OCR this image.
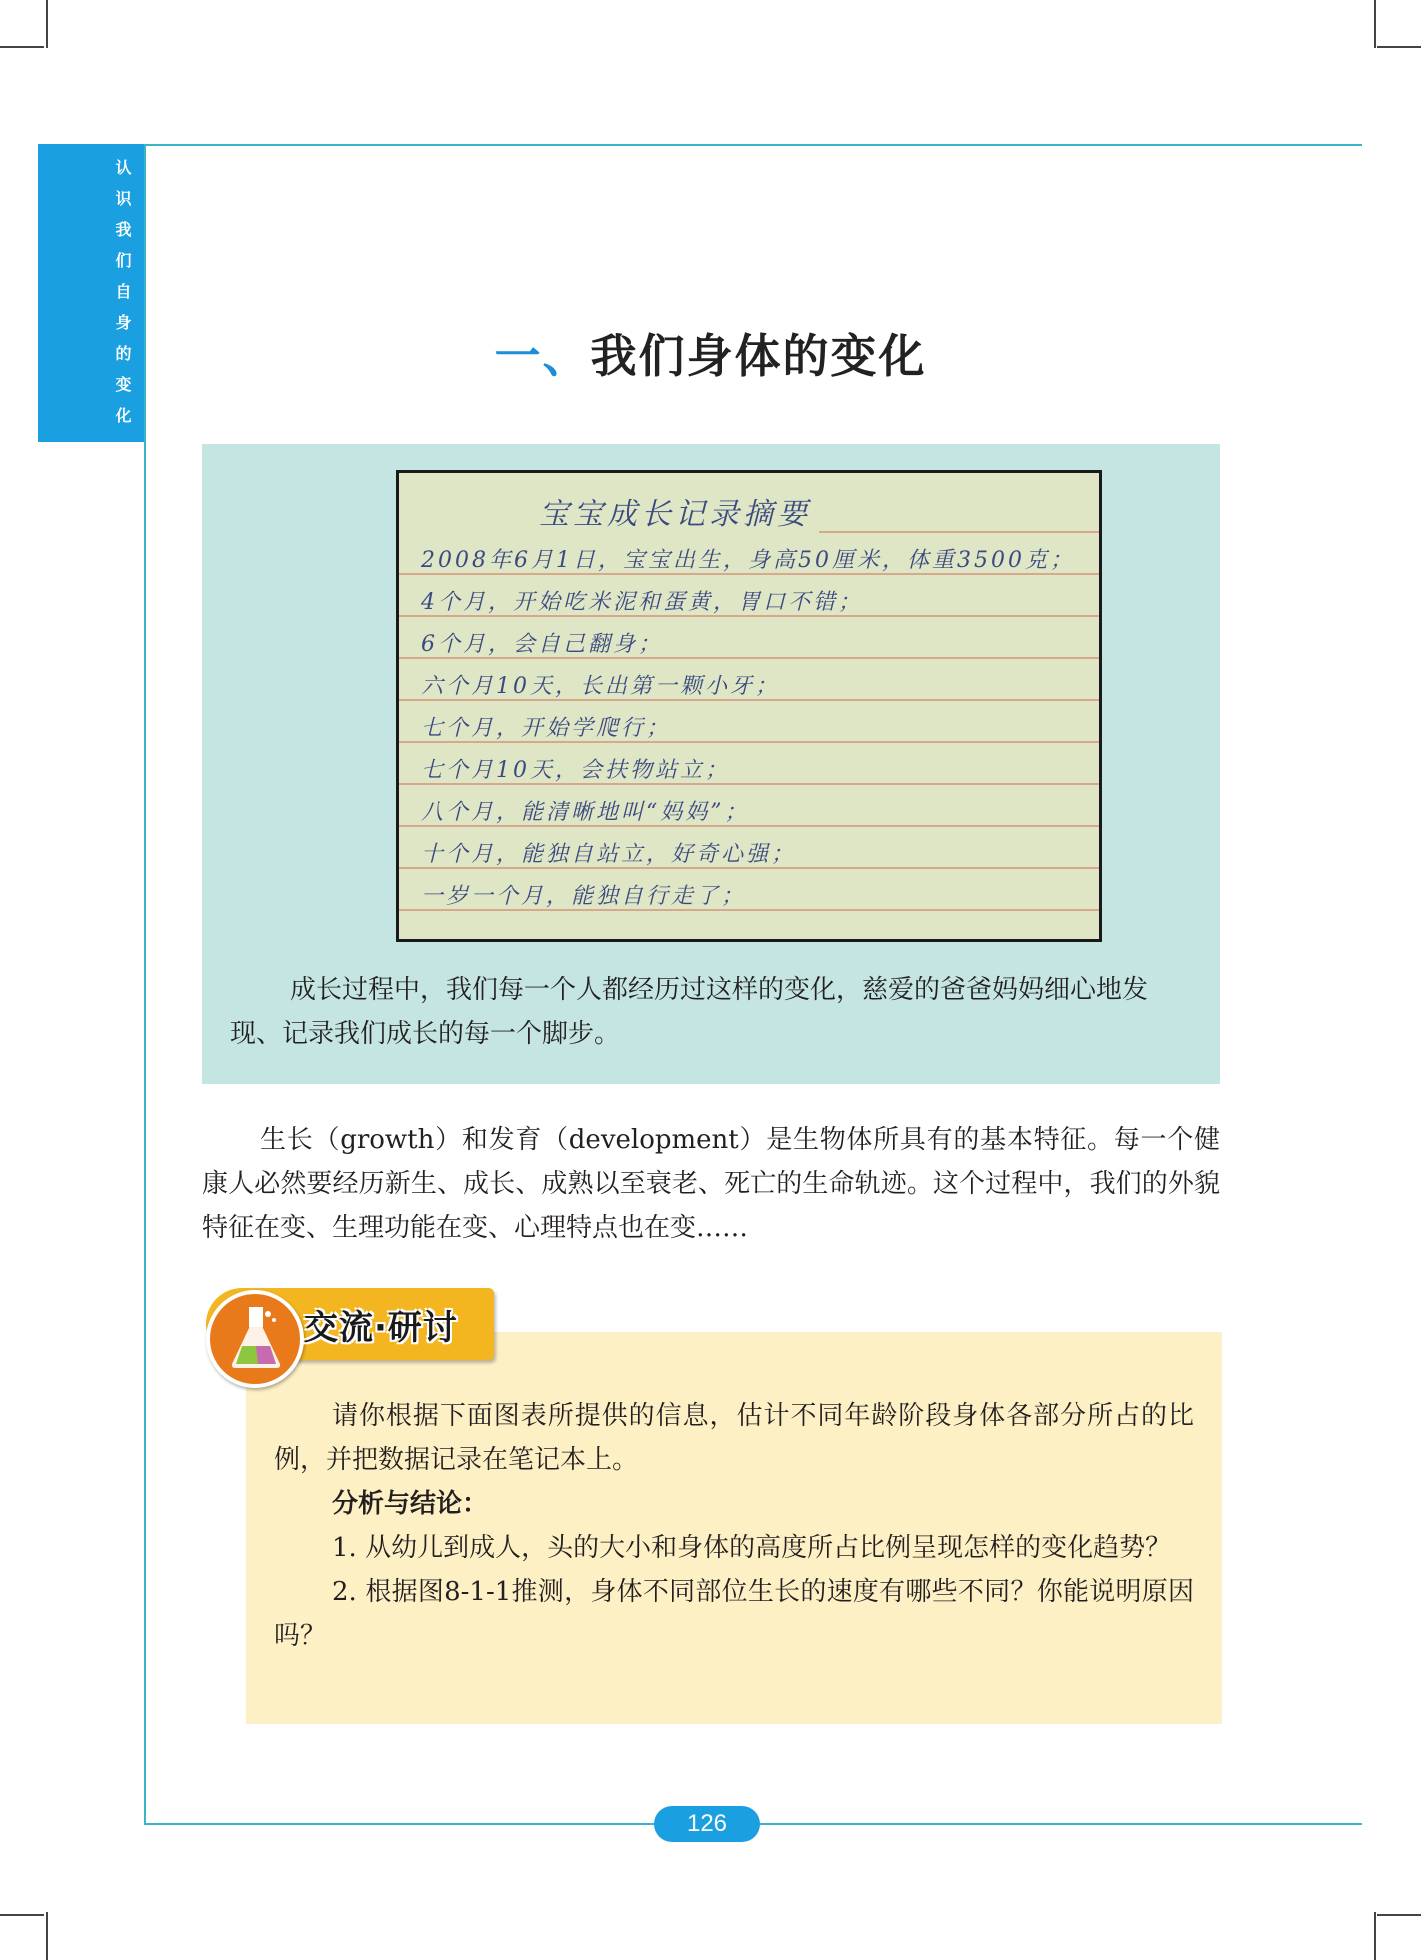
认识我们自身的变化	一、我们身体的变化
宝宝成长记录摘要
2008年6月1日，宝宝出生，身高50厘米，体重3500克；
4个月，开始吃米泥和蛋黄，胃口不错；
6个月，会自己翻身；
六个月10天，长出第一颗小牙；
七个月，开始学爬行；
七个月10天，会扶物站立；
八个月，能清晰地叫“妈妈”；
十个月，能独自站立，好奇心强；
一岁一个月，能独自行走了；
成长过程中，我们每一个人都经历过这样的变化，慈爱的爸爸妈妈细心地发现、记录我们成长的每一个脚步。
生长（growth）和发育（development）是生物体所具有的基本特征。每一个健康人必然要经历新生、成长、成熟以至衰老、死亡的生命轨迹。这个过程中，我们的外貌特征在变、生理功能在变、心理特点也在变……
交流·研讨

请你根据下面图表所提供的信息，估计不同年龄阶段身体各部分所占的比例，并把数据记录在笔记本上。

分析与结论：

1. 从幼儿到成人，头的大小和身体的高度所占比例呈现怎样的变化趋势？

2. 根据图8-1-1推测，身体不同部位生长的速度有哪些不同？你能说明原因吗？

126
